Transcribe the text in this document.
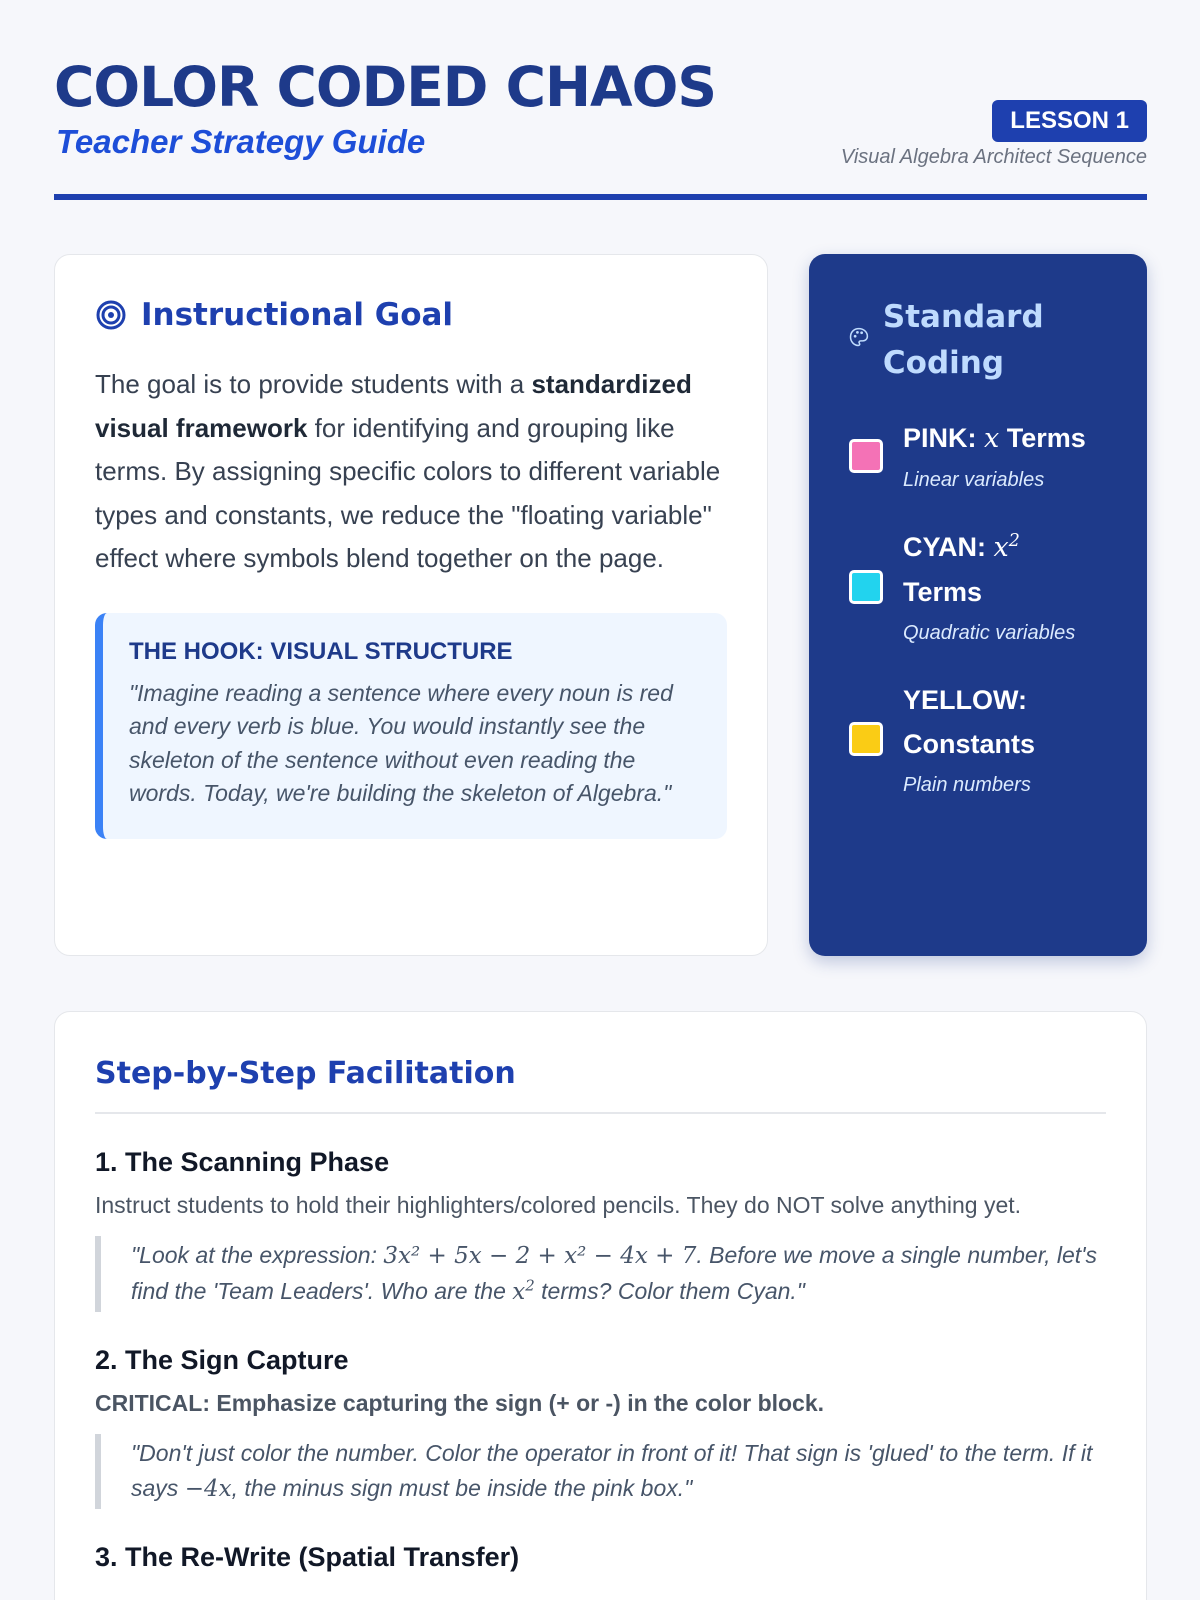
COLOR CODED CHAOS
Teacher Strategy Guide
LESSON 1
Visual Algebra Architect Sequence
Instructional Goal

The goal is to provide students with a standardized visual framework for identifying and grouping like terms. By assigning specific colors to different variable types and constants, we reduce the "floating variable" effect where symbols blend together on the page.

THE HOOK: VISUAL STRUCTURE

"Imagine reading a sentence where every noun is red and every verb is blue. You would instantly see the skeleton of the sentence without even reading the words. Today, we're building the skeleton of Algebra."

Standard Coding
PINK: x Terms
Linear variables
CYAN: $x^2$
Terms
Quadratic variables
YELLOW:
Constants
Plain numbers
Step-by-Step Facilitation
1. The Scanning Phase

Instruct students to hold their highlighters/colored pencils. They do NOT solve anything yet.

"Look at the expression: 3x² + 5x − 2 + x² − 4x + 7. Before we move a single number, let's find the 'Team Leaders'. Who are the $x^2$ terms? Color them Cyan."
2. The Sign Capture

CRITICAL: Emphasize capturing the sign (+ or -) in the color block.

"Don't just color the number. Color the operator in front of it! That sign is 'glued' to the term. If it says −4x, the minus sign must be inside the pink box."
3. The Re-Write (Spatial Transfer)
